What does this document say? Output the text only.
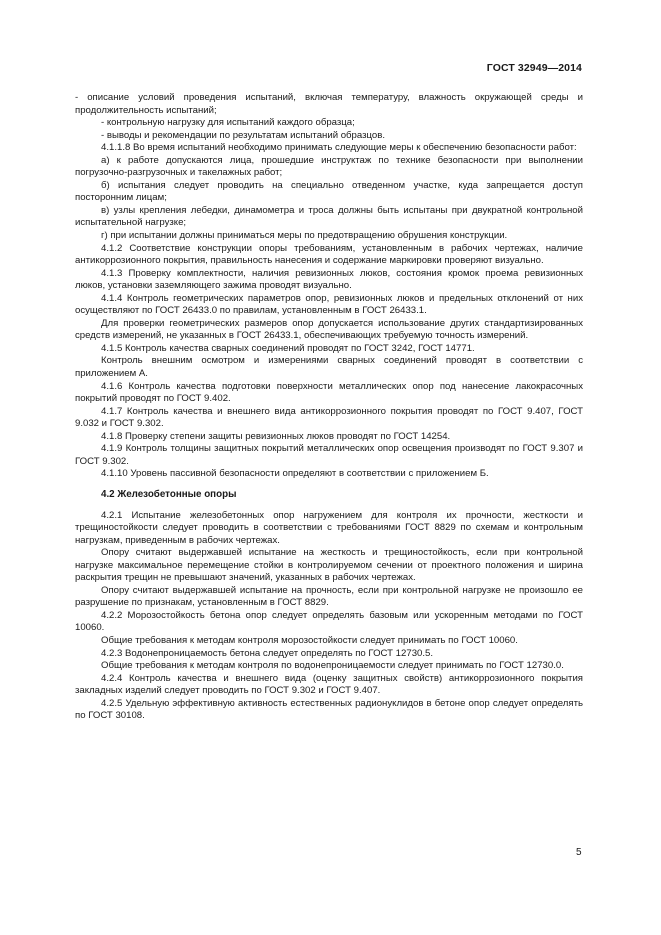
ГОСТ 32949—2014

- описание условий проведения испытаний, включая температуру, влажность окружающей среды и продолжительность испытаний;

- контрольную нагрузку для испытаний каждого образца;

- выводы и рекомендации по результатам испытаний образцов.

4.1.1.8 Во время испытаний необходимо принимать следующие меры к обеспечению безопасности работ:

а) к работе допускаются лица, прошедшие инструктаж по технике безопасности при выполнении погрузочно-разгрузочных и такелажных работ;

б) испытания следует проводить на специально отведенном участке, куда запрещается доступ посторонним лицам;

в) узлы крепления лебедки, динамометра и троса должны быть испытаны при двукратной контрольной испытательной нагрузке;

г) при испытании должны приниматься меры по предотвращению обрушения конструкции.

4.1.2 Соответствие конструкции опоры требованиям, установленным в рабочих чертежах, наличие антикоррозионного покрытия, правильность нанесения и содержание маркировки проверяют визуально.

4.1.3 Проверку комплектности, наличия ревизионных люков, состояния кромок проема ревизионных люков, установки заземляющего зажима проводят визуально.

4.1.4 Контроль геометрических параметров опор, ревизионных люков и предельных отклонений от них осуществляют по ГОСТ 26433.0 по правилам, установленным в ГОСТ 26433.1.

Для проверки геометрических размеров опор допускается использование других стандартизированных средств измерений, не указанных в ГОСТ 26433.1, обеспечивающих требуемую точность измерений.

4.1.5 Контроль качества сварных соединений проводят по ГОСТ 3242, ГОСТ 14771.

Контроль внешним осмотром и измерениями сварных соединений проводят в соответствии с приложением А.

4.1.6 Контроль качества подготовки поверхности металлических опор под нанесение лакокрасочных покрытий проводят по ГОСТ 9.402.

4.1.7 Контроль качества и внешнего вида антикоррозионного покрытия проводят по ГОСТ 9.407, ГОСТ 9.032 и ГОСТ 9.302.

4.1.8 Проверку степени защиты ревизионных люков проводят по ГОСТ 14254.

4.1.9 Контроль толщины защитных покрытий металлических опор освещения производят по ГОСТ 9.307 и ГОСТ 9.302.

4.1.10 Уровень пассивной безопасности определяют в соответствии с приложением Б.

4.2 Железобетонные опоры

4.2.1 Испытание железобетонных опор нагружением для контроля их прочности, жесткости и трещиностойкости следует проводить в соответствии с требованиями ГОСТ 8829 по схемам и контрольным нагрузкам, приведенным в рабочих чертежах.

Опору считают выдержавшей испытание на жесткость и трещиностойкость, если при контрольной нагрузке максимальное перемещение стойки в контролируемом сечении от проектного положения и ширина раскрытия трещин не превышают значений, указанных в рабочих чертежах.

Опору считают выдержавшей испытание на прочность, если при контрольной нагрузке не произошло ее разрушение по признакам, установленным в ГОСТ 8829.

4.2.2 Морозостойкость бетона опор следует определять базовым или ускоренным методами по ГОСТ 10060.

Общие требования к методам контроля морозостойкости следует принимать по ГОСТ 10060.

4.2.3 Водонепроницаемость бетона следует определять по ГОСТ 12730.5.

Общие требования к методам контроля по водонепроницаемости следует принимать по ГОСТ 12730.0.

4.2.4 Контроль качества и внешнего вида (оценку защитных свойств) антикоррозионного покрытия закладных изделий следует проводить по ГОСТ 9.302 и ГОСТ 9.407.

4.2.5 Удельную эффективную активность естественных радионуклидов в бетоне опор следует определять по ГОСТ 30108.

5
